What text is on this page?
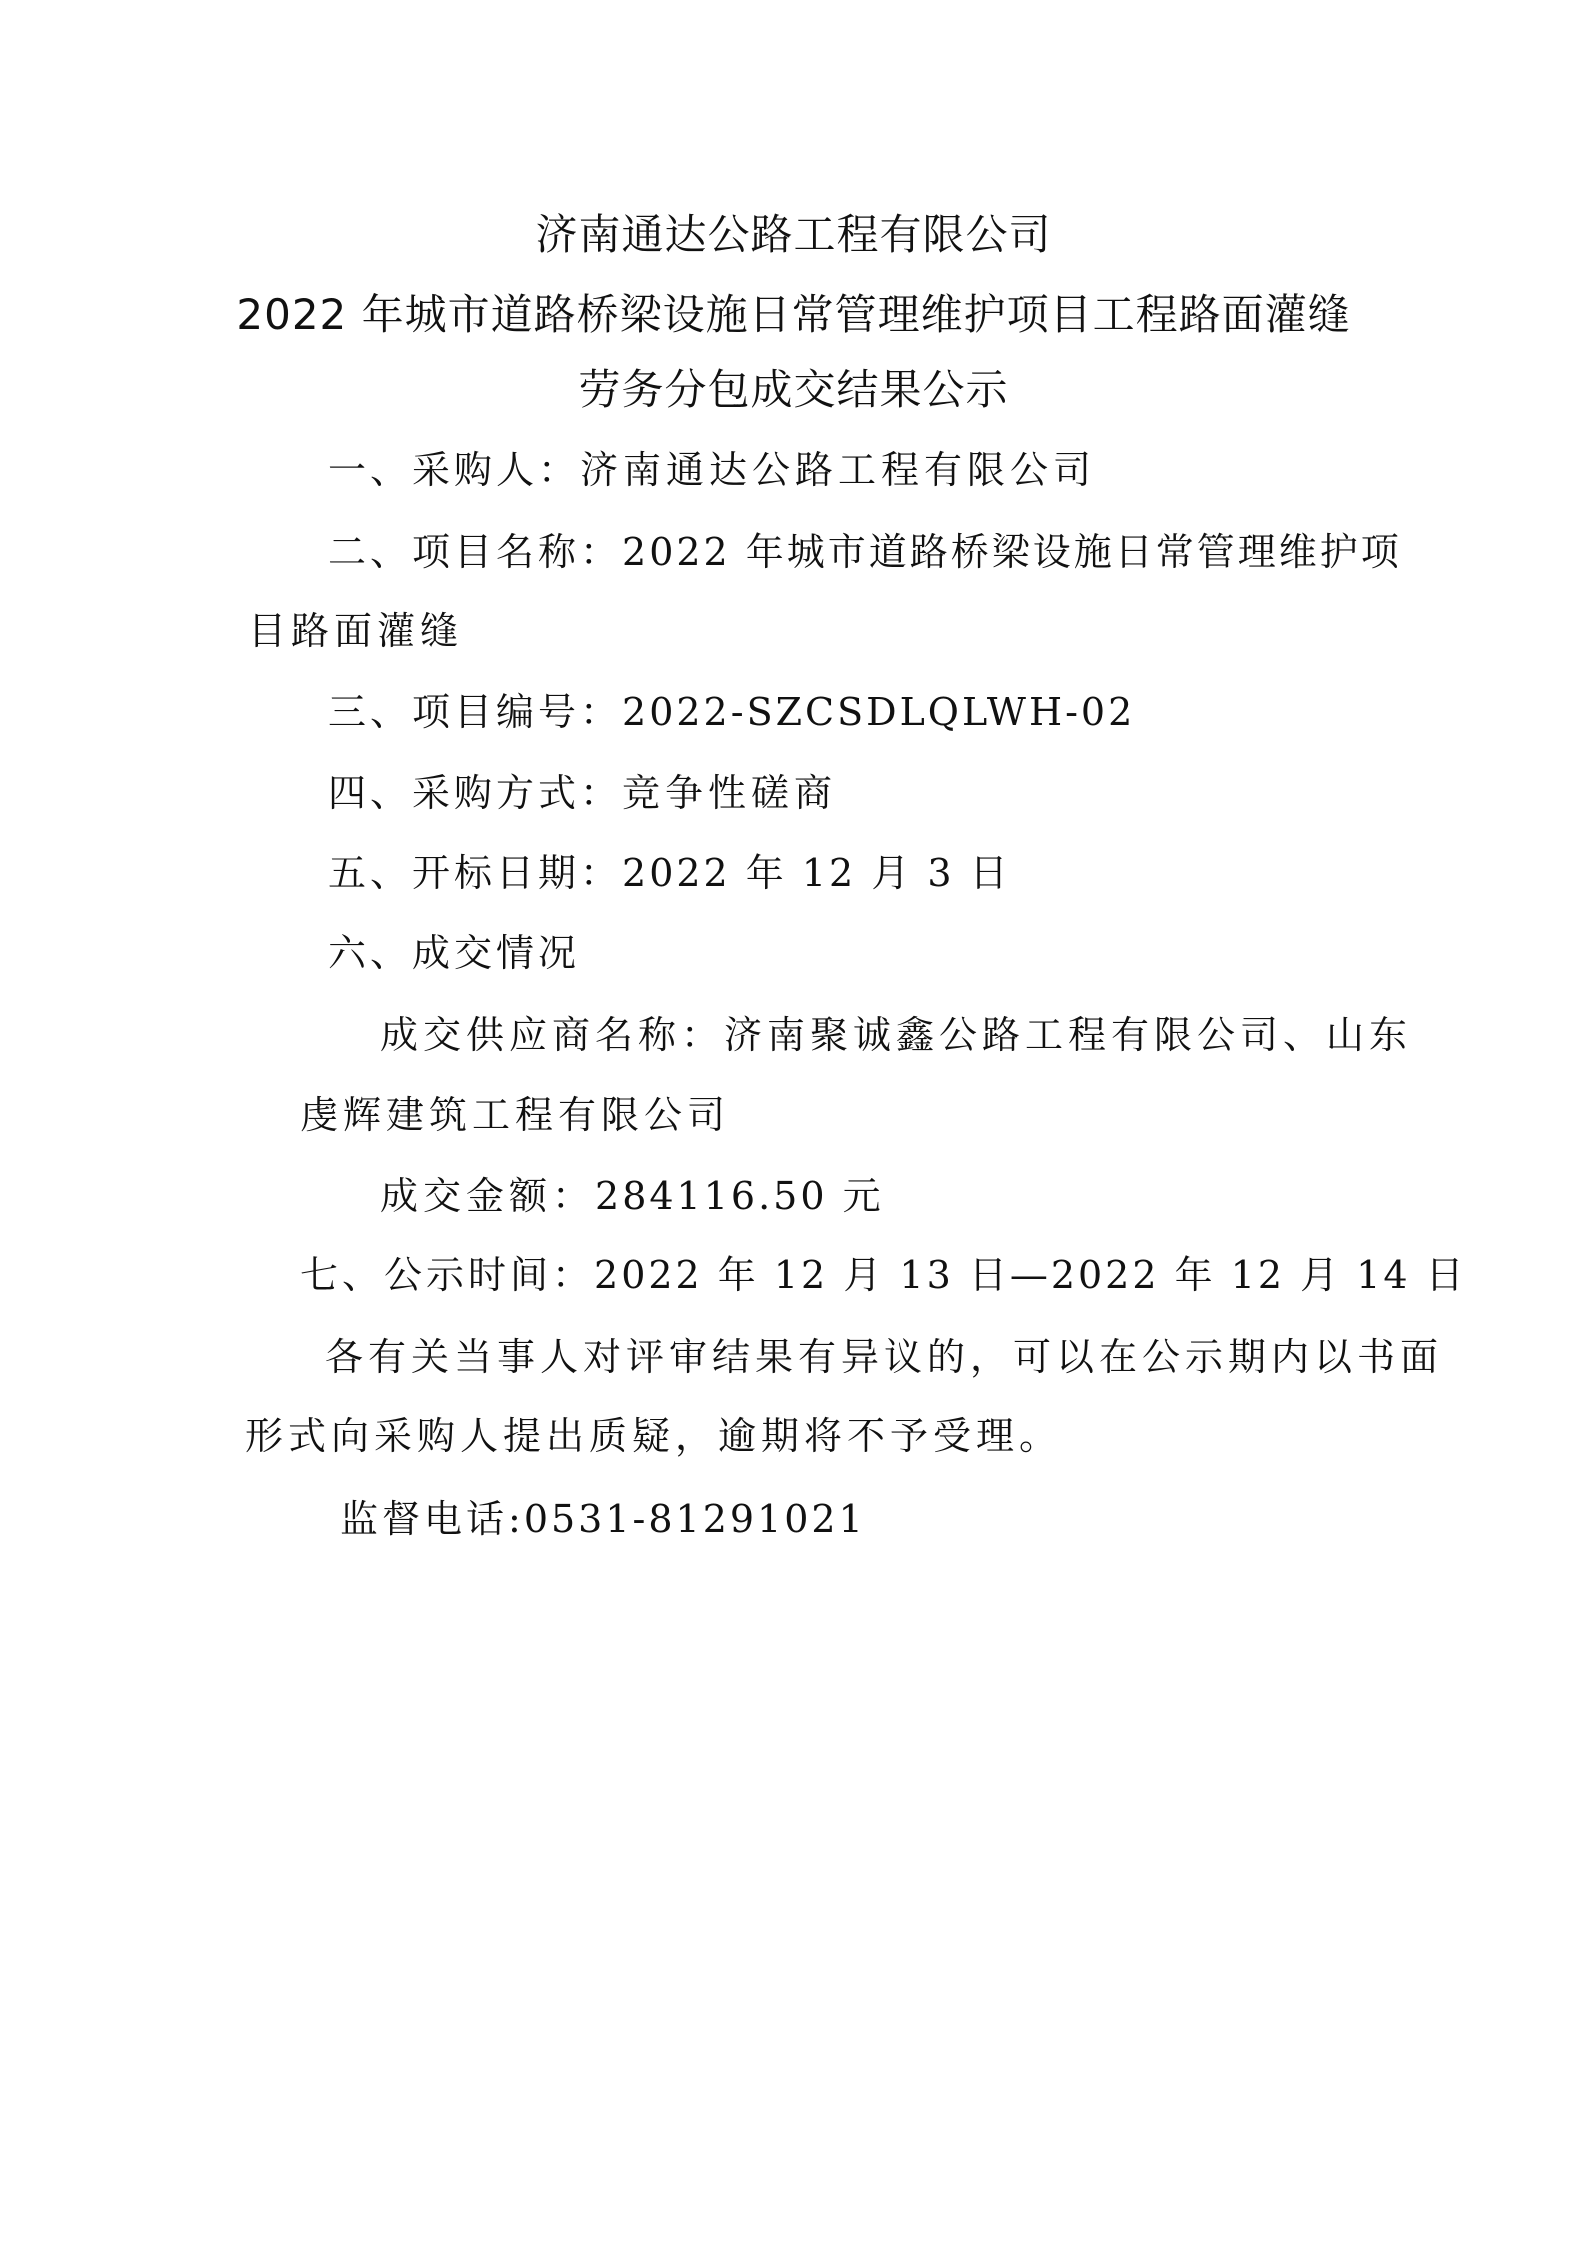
济南通达公路工程有限公司
2022 年城市道路桥梁设施日常管理维护项目工程路面灌缝
劳务分包成交结果公示
一、采购人：济南通达公路工程有限公司
二、项目名称：2022 年城市道路桥梁设施日常管理维护项
目路面灌缝
三、项目编号：2022-SZCSDLQLWH-02
四、采购方式：竞争性磋商
五、开标日期：2022 年 12 月 3 日
六、成交情况
成交供应商名称：济南聚诚鑫公路工程有限公司、山东
虔辉建筑工程有限公司
成交金额：284116.50 元
七、公示时间：2022 年 12 月 13 日—2022 年 12 月 14 日
各有关当事人对评审结果有异议的，可以在公示期内以书面
形式向采购人提出质疑，逾期将不予受理。
监督电话:0531-81291021
